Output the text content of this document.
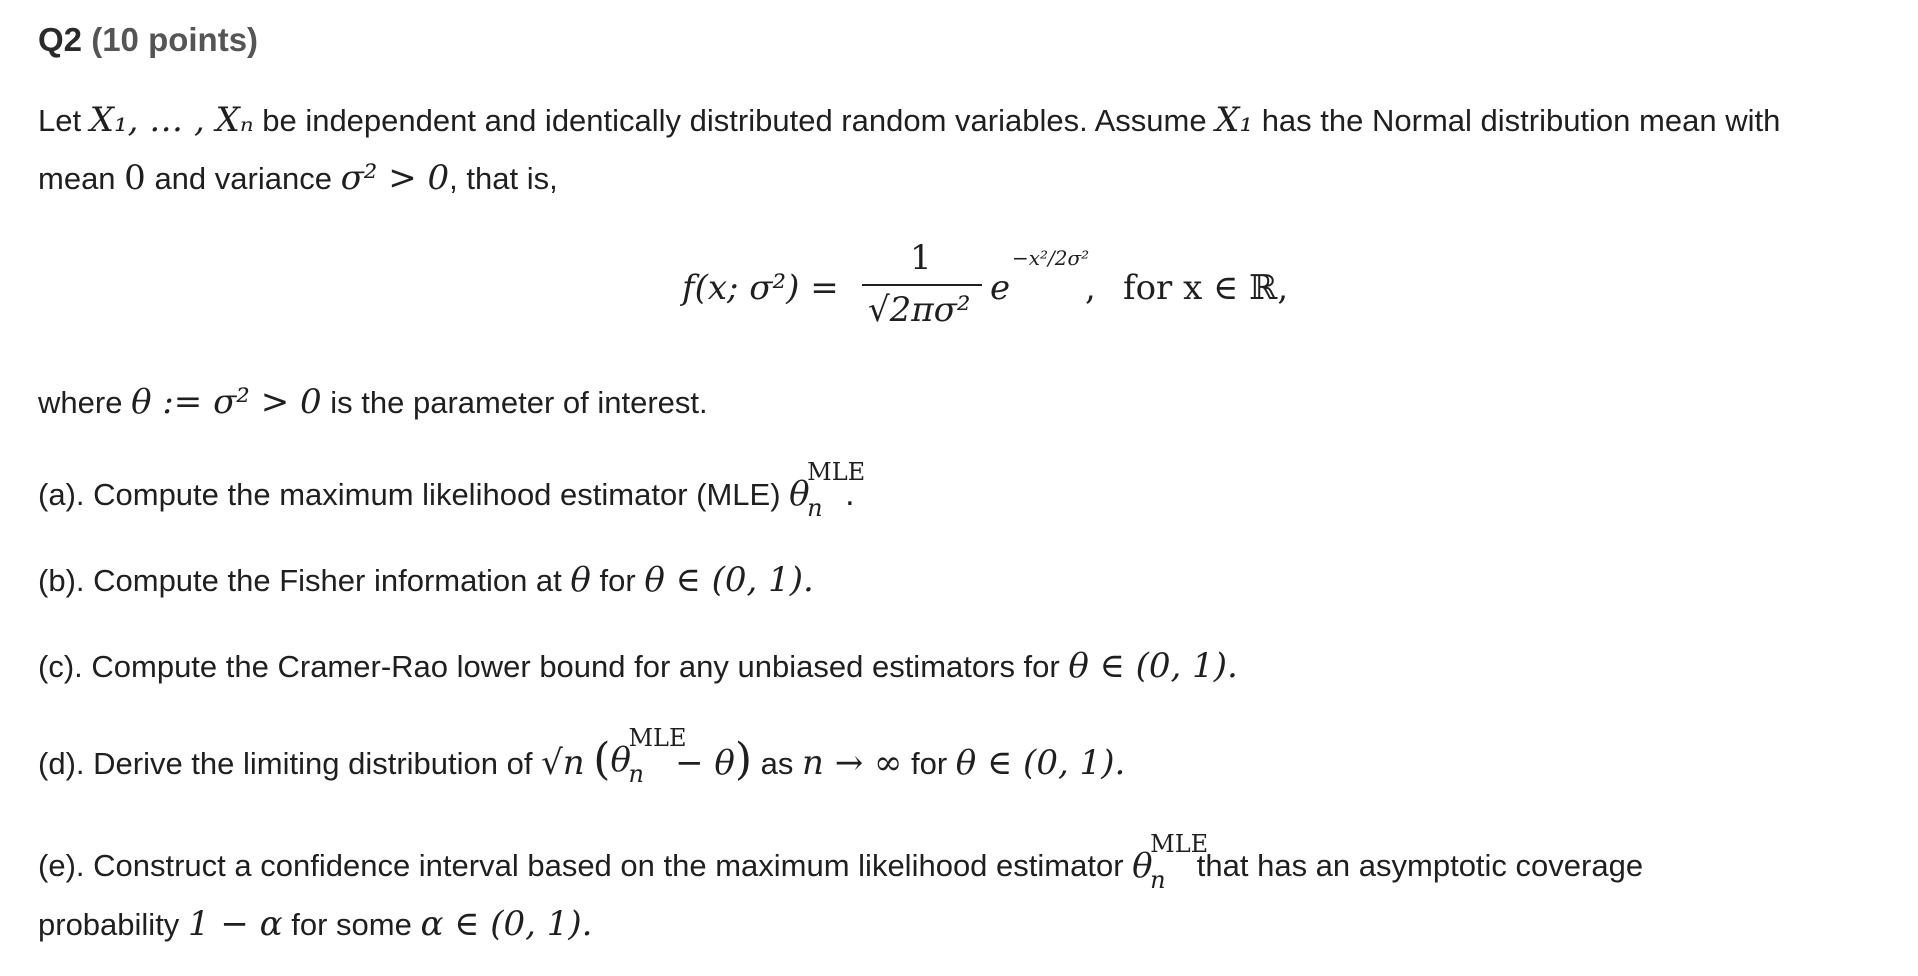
Q2 (10 points)
Let X₁, … , Xₙ be independent and identically distributed random variables. Assume X₁ has the Normal distribution mean with
mean 0 and variance σ² > 0, that is,
f(x; σ²) =
1
√2πσ²
e
−x²/2σ²
, for x ∈ ℝ,
where θ := σ² > 0 is the parameter of interest.
(a). Compute the maximum likelihood estimator (MLE) θ
MLE
n .
(b). Compute the Fisher information at θ for θ ∈ (0, 1).
(c). Compute the Cramer-Rao lower bound for any unbiased estimators for θ ∈ (0, 1).
(d). Derive the limiting distribution of √n ( θ
MLE
n − θ) as n → ∞ for θ ∈ (0, 1).
(e). Construct a confidence interval based on the maximum likelihood estimator θ
MLE
n that has an asymptotic coverage
probability 1 − α for some α ∈ (0, 1).
